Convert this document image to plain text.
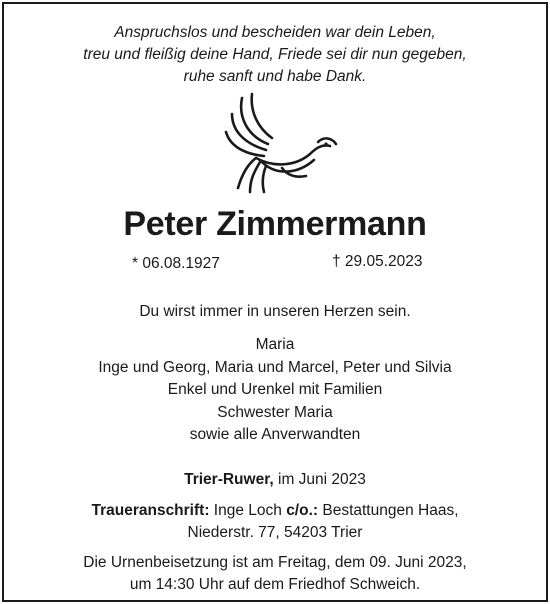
Anspruchslos und bescheiden war dein Leben,
treu und fleißig deine Hand, Friede sei dir nun gegeben,
ruhe sanft und habe Dank.
Peter Zimmermann
* 06.08.1927	† 29.05.2023
Du wirst immer in unseren Herzen sein.
Maria
Inge und Georg, Maria und Marcel, Peter und Silvia
Enkel und Urenkel mit Familien
Schwester Maria
sowie alle Anverwandten
Trier-Ruwer, im Juni 2023
Traueranschrift: Inge Loch c/o.: Bestattungen Haas,
Niederstr. 77, 54203 Trier
Die Urnenbeisetzung ist am Freitag, dem 09. Juni 2023,
um 14:30 Uhr auf dem Friedhof Schweich.
